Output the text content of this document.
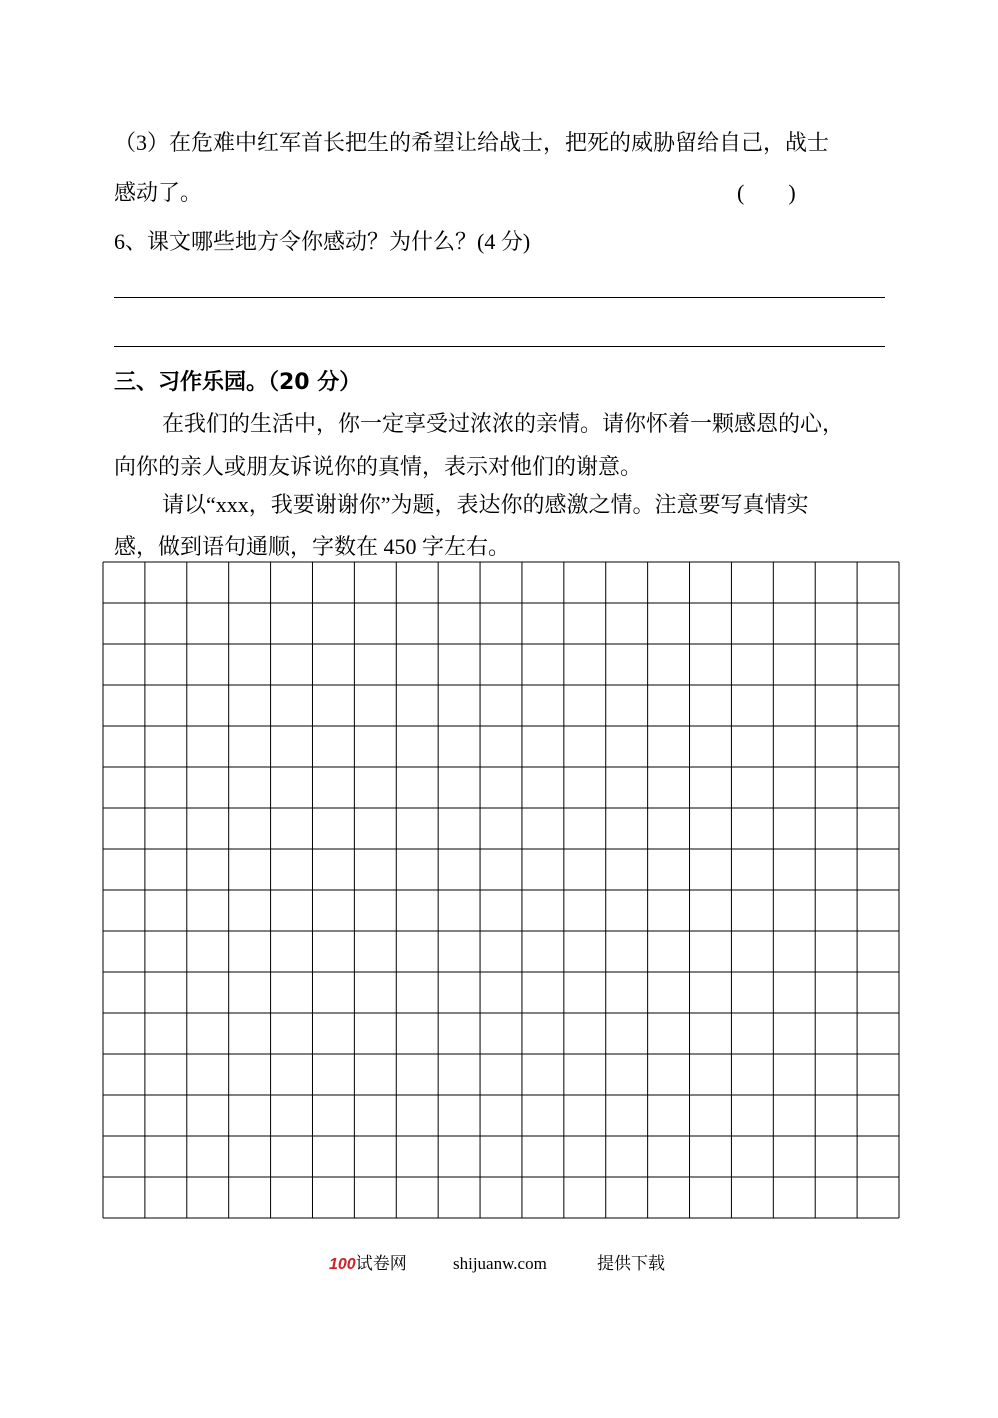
（3）在危难中红军首长把生的希望让给战士，把死的威胁留给自己，战士
感动了。	(        )
6、课文哪些地方令你感动？为什么？(4 分)
三、习作乐园。（20 分）
在我们的生活中，你一定享受过浓浓的亲情。请你怀着一颗感恩的心，
向你的亲人或朋友诉说你的真情，表示对他们的谢意。
请以“xxx，我要谢谢你”为题，表达你的感激之情。注意要写真情实
感，做到语句通顺，字数在 450 字左右。
100试卷网	shijuanw.com	提供下载
